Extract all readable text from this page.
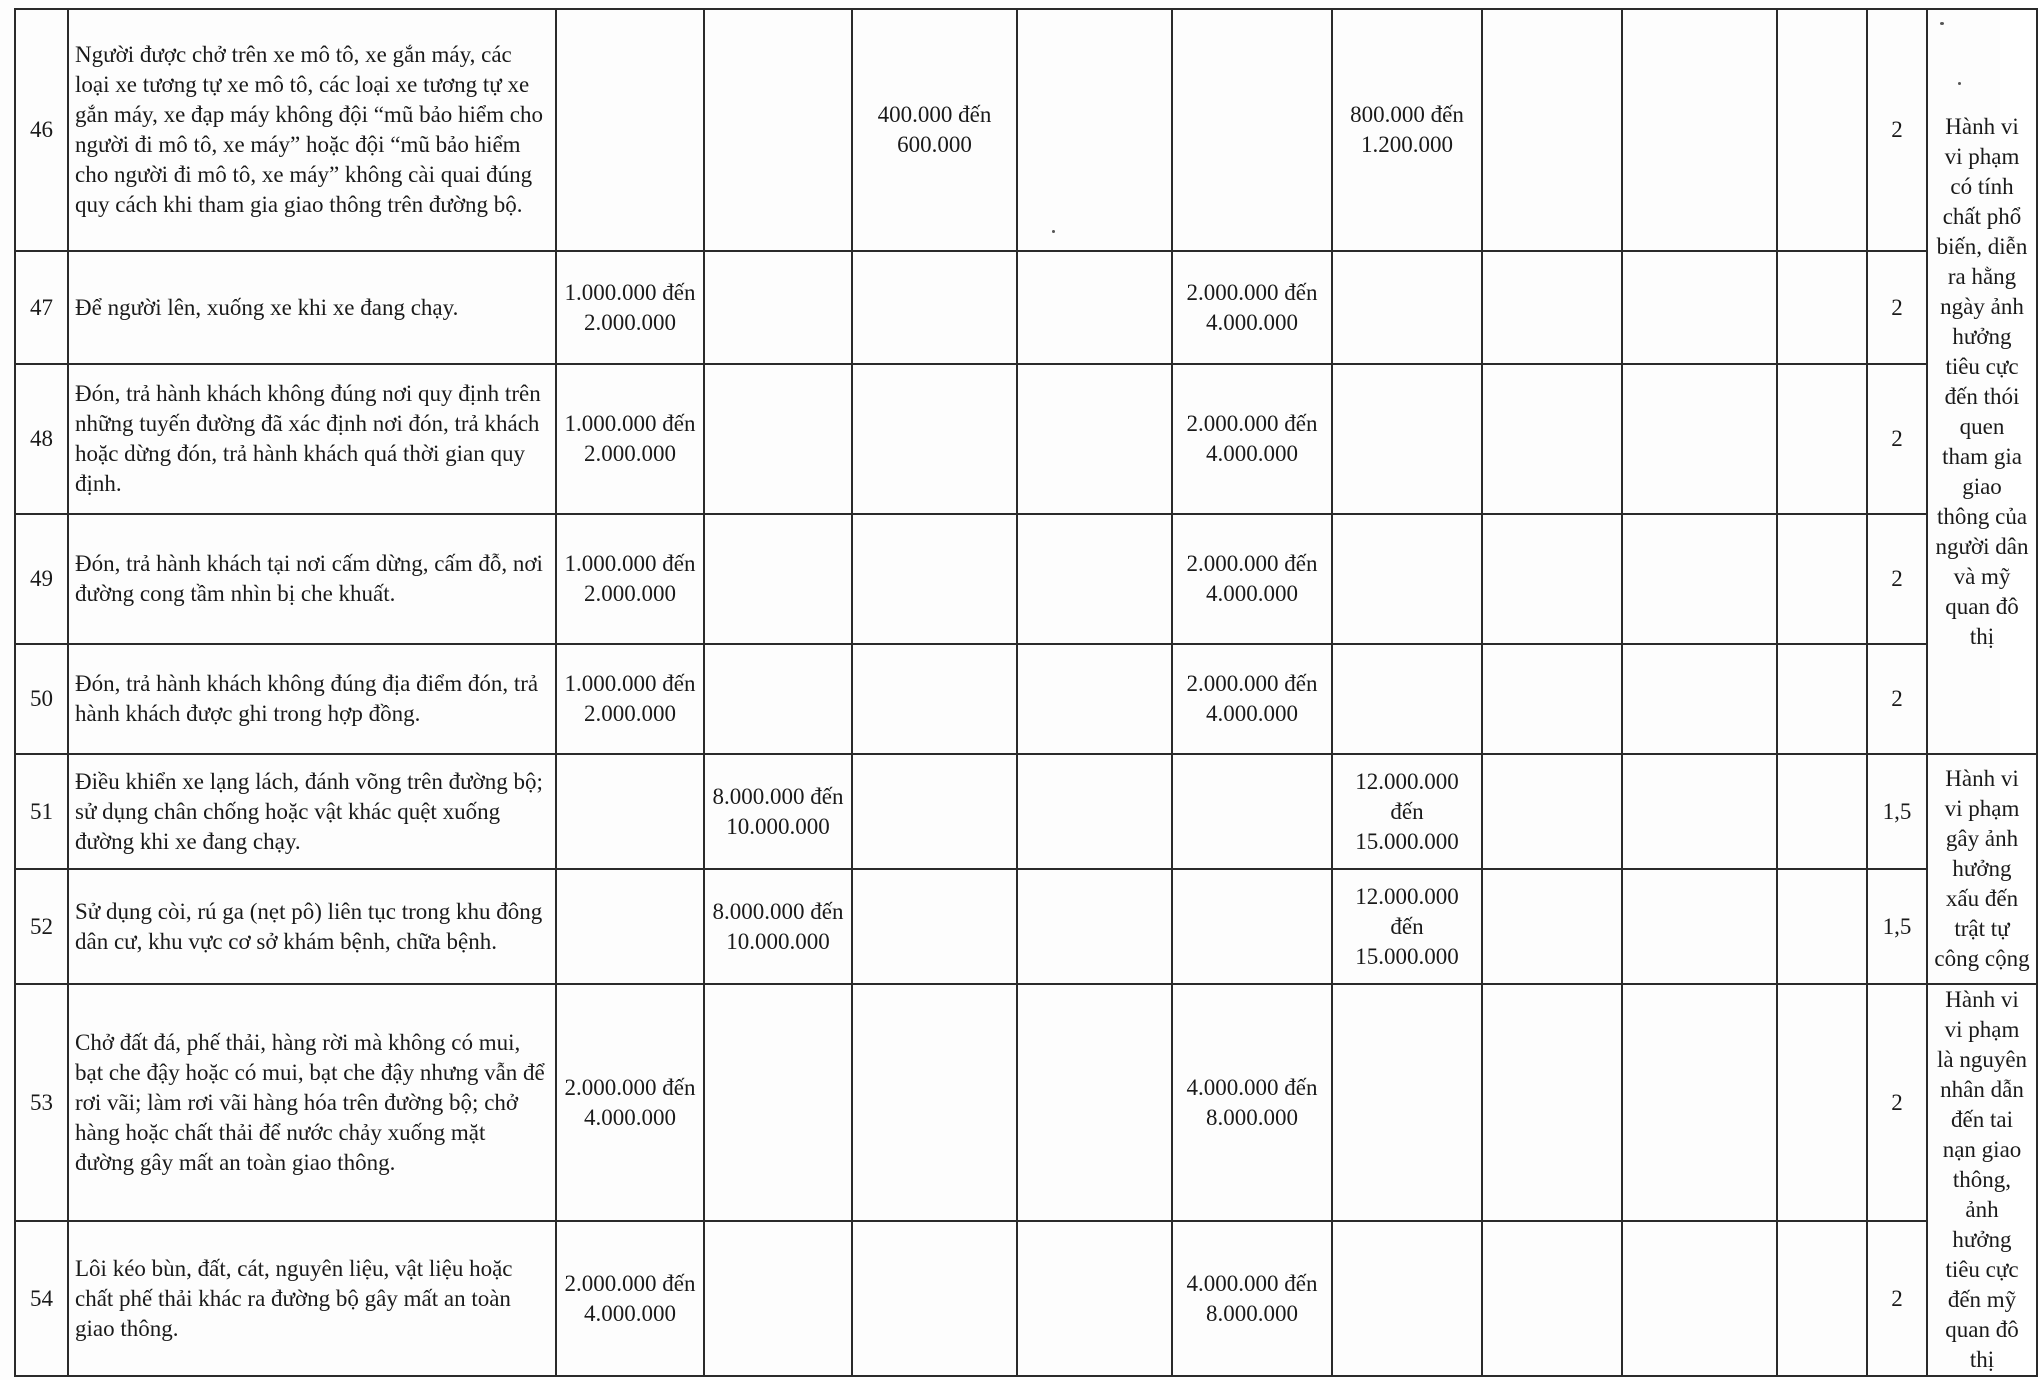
46	Người được chở trên xe mô tô, xe gắn máy, các loại xe tương tự xe mô tô, các loại xe tương tự xe gắn máy, xe đạp máy không đội “mũ bảo hiểm cho người đi mô tô, xe máy” hoặc đội “mũ bảo hiểm cho người đi mô tô, xe máy” không cài quai đúng quy cách khi tham gia giao thông trên đường bộ.			400.000 đến 600.000			800.000 đến 1.200.000				2	Hành vi vi phạm có tính chất phổ biến, diễn ra hằng ngày ảnh hưởng tiêu cực đến thói quen tham gia giao thông của người dân và mỹ quan đô thị
47	Để người lên, xuống xe khi xe đang chạy.	1.000.000 đến 2.000.000				2.000.000 đến 4.000.000					2	
48	Đón, trả hành khách không đúng nơi quy định trên những tuyến đường đã xác định nơi đón, trả khách hoặc dừng đón, trả hành khách quá thời gian quy định.	1.000.000 đến 2.000.000				2.000.000 đến 4.000.000					2	
49	Đón, trả hành khách tại nơi cấm dừng, cấm đỗ, nơi đường cong tầm nhìn bị che khuất.	1.000.000 đến 2.000.000				2.000.000 đến 4.000.000					2	
50	Đón, trả hành khách không đúng địa điểm đón, trả hành khách được ghi trong hợp đồng.	1.000.000 đến 2.000.000				2.000.000 đến 4.000.000					2	
51	Điều khiển xe lạng lách, đánh võng trên đường bộ; sử dụng chân chống hoặc vật khác quệt xuống đường khi xe đang chạy.		8.000.000 đến 10.000.000				12.000.000 đến 15.000.000				1,5	Hành vi vi phạm gây ảnh hưởng xấu đến trật tự công cộng
52	Sử dụng còi, rú ga (nẹt pô) liên tục trong khu đông dân cư, khu vực cơ sở khám bệnh, chữa bệnh.		8.000.000 đến 10.000.000				12.000.000 đến 15.000.000				1,5	
53	Chở đất đá, phế thải, hàng rời mà không có mui, bạt che đậy hoặc có mui, bạt che đậy nhưng vẫn để rơi vãi; làm rơi vãi hàng hóa trên đường bộ; chở hàng hoặc chất thải để nước chảy xuống mặt đường gây mất an toàn giao thông.	2.000.000 đến 4.000.000				4.000.000 đến 8.000.000					2	Hành vi vi phạm là nguyên nhân dẫn đến tai nạn giao thông, ảnh hưởng tiêu cực đến mỹ quan đô thị
54	Lôi kéo bùn, đất, cát, nguyên liệu, vật liệu hoặc chất phế thải khác ra đường bộ gây mất an toàn giao thông.	2.000.000 đến 4.000.000				4.000.000 đến 8.000.000					2	
